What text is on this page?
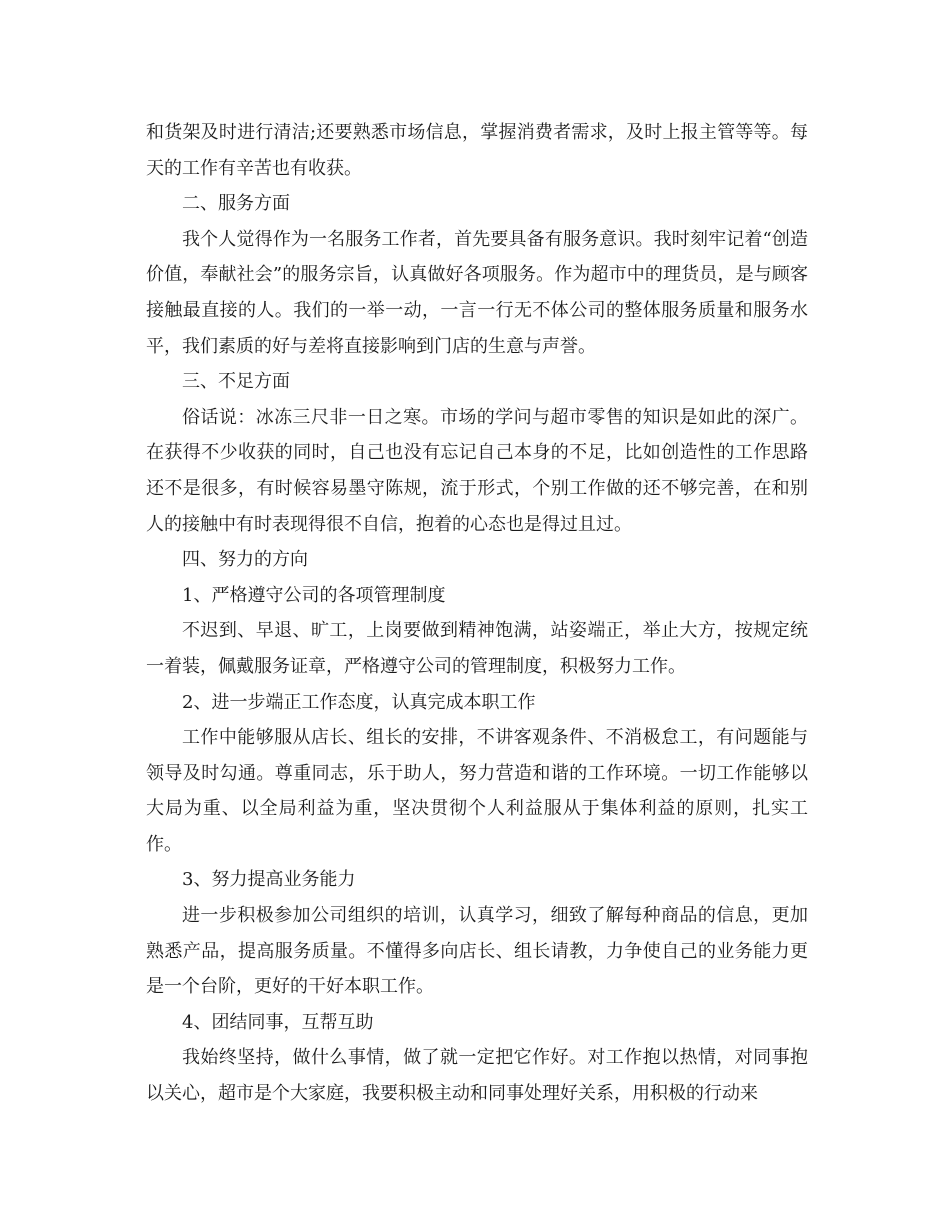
和货架及时进行清洁;还要熟悉市场信息，掌握消费者需求，及时上报主管等等。每天的工作有辛苦也有收获。

二、服务方面

我个人觉得作为一名服务工作者，首先要具备有服务意识。我时刻牢记着“创造价值，奉献社会”的服务宗旨，认真做好各项服务。作为超市中的理货员，是与顾客接触最直接的人。我们的一举一动，一言一行无不体公司的整体服务质量和服务水平，我们素质的好与差将直接影响到门店的生意与声誉。

三、不足方面

俗话说：冰冻三尺非一日之寒。市场的学问与超市零售的知识是如此的深广。在获得不少收获的同时，自己也没有忘记自己本身的不足，比如创造性的工作思路还不是很多，有时候容易墨守陈规，流于形式，个别工作做的还不够完善，在和别人的接触中有时表现得很不自信，抱着的心态也是得过且过。

四、努力的方向

1、严格遵守公司的各项管理制度

不迟到、早退、旷工，上岗要做到精神饱满，站姿端正，举止大方，按规定统一着装，佩戴服务证章，严格遵守公司的管理制度，积极努力工作。

2、进一步端正工作态度，认真完成本职工作

工作中能够服从店长、组长的安排，不讲客观条件、不消极怠工，有问题能与领导及时勾通。尊重同志，乐于助人，努力营造和谐的工作环境。一切工作能够以大局为重、以全局利益为重，坚决贯彻个人利益服从于集体利益的原则，扎实工作。

3、努力提高业务能力

进一步积极参加公司组织的培训，认真学习，细致了解每种商品的信息，更加熟悉产品，提高服务质量。不懂得多向店长、组长请教，力争使自己的业务能力更是一个台阶，更好的干好本职工作。

4、团结同事，互帮互助

我始终坚持，做什么事情，做了就一定把它作好。对工作抱以热情，对同事抱以关心，超市是个大家庭，我要积极主动和同事处理好关系，用积极的行动来
